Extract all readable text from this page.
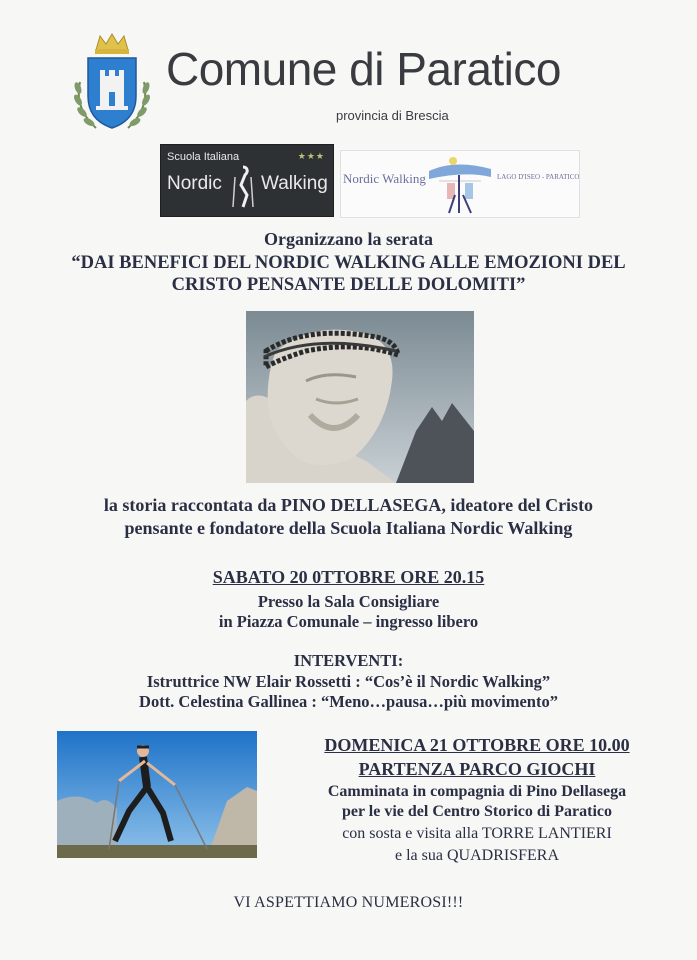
Comune di Paratico
provincia di Brescia
Scuola Italiana	★★★
Nordic Walking Nordic Walking	LAGO D'ISEO - PARATICO
Organizzano la serata
“DAI BENEFICI DEL NORDIC WALKING ALLE EMOZIONI DEL
CRISTO PENSANTE DELLE DOLOMITI”
la storia raccontata da PINO DELLASEGA, ideatore del Cristo
pensante e fondatore della Scuola Italiana Nordic Walking
SABATO 20 0TTOBRE ORE 20.15
Presso la Sala Consigliare
in Piazza Comunale – ingresso libero
INTERVENTI:
Istruttrice NW Elair Rossetti : “Cos’è il Nordic Walking”
Dott. Celestina Gallinea : “Meno…pausa…più movimento”
DOMENICA 21 OTTOBRE ORE 10.00
PARTENZA PARCO GIOCHI
Camminata in compagnia di Pino Dellasega
per le vie del Centro Storico di Paratico
con sosta e visita alla TORRE LANTIERI
e la sua QUADRISFERA
VI ASPETTIAMO NUMEROSI!!!
